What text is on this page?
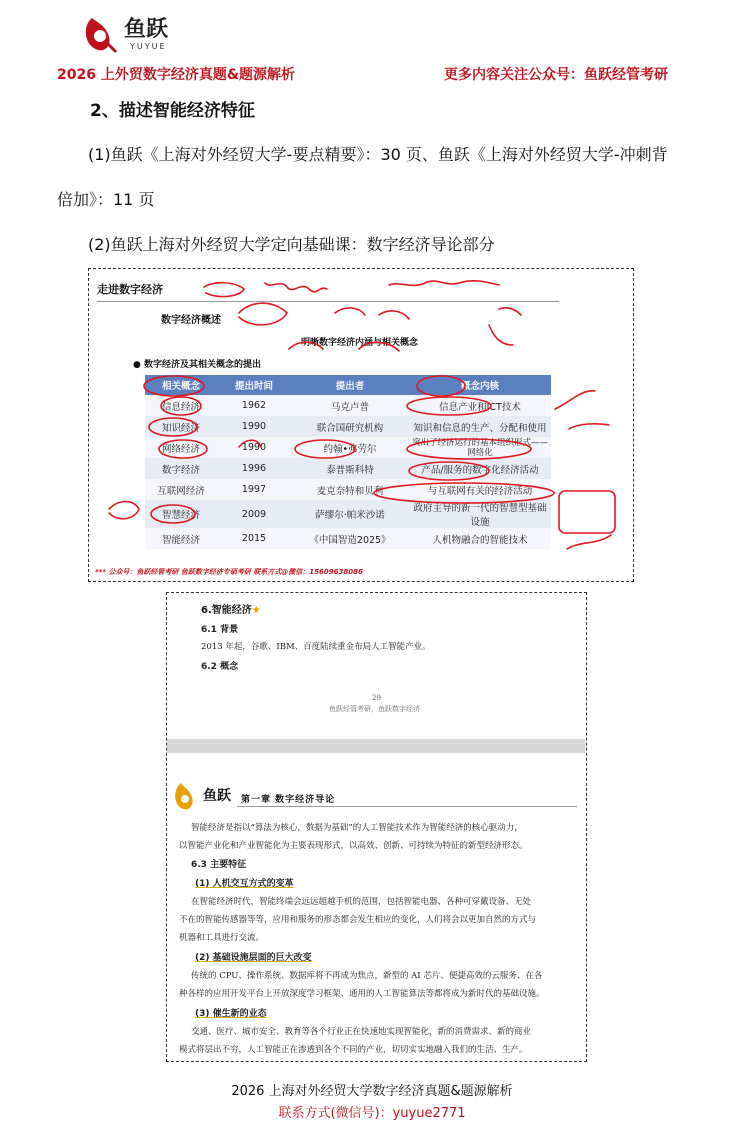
鱼跃
YUYUE
2026 上外贸数字经济真题&题源解析	更多内容关注公众号：鱼跃经管考研
2、描述智能经济特征
(1)鱼跃《上海对外经贸大学-要点精要》：30 页、鱼跃《上海对外经贸大学-冲刺背
倍加》：11 页
(2)鱼跃上海对外经贸大学定向基础课：数字经济导论部分
走进数字经济
数字经济概述
明晰数字经济内涵与相关概念
● 数字经济及其相关概念的提出
相关概念	提出时间	提出者	概念内核
信息经济	1962	马克卢普	信息产业和ICT技术
知识经济	1990	联合国研究机构	知识和信息的生产、分配和使用
网络经济	1990	约翰•弗劳尔	突出了经济运行的基本组织形式——网络化
数字经济	1996	泰普斯科特	产品/服务的数字化经济活动
互联网经济	1997	麦克奈特和贝利	与互联网有关的经济活动
智慧经济	2009	萨缪尔·帕米沙诺	政府主导的新一代的智慧型基础设施
智能经济	2015	《中国智造2025》	人机物融合的智能技术
*** 公众号：鱼跃经管考研 鱼跃数字经济专硕考研 联系方式@微信：15609638086
6.智能经济★
6.1 背景
2013 年起，谷歌、IBM、百度陆续重金布局人工智能产业。
6.2 概念
29
鱼跃经管考研，鱼跃数字经济
鱼跃 第一章 数字经济导论
智能经济是指以“算法为核心，数据为基础”的人工智能技术作为智能经济的核心驱动力，
以智能产业化和产业智能化为主要表现形式，以高效、创新、可持续为特征的新型经济形态。
6.3 主要特征
(1) 人机交互方式的变革
在智能经济时代，智能终端会远远超越手机的范围，包括智能电器、各种可穿戴设备、无处
不在的智能传感器等等，应用和服务的形态都会发生相应的变化，人们将会以更加自然的方式与
机器和工具进行交流。
(2) 基础设施层面的巨大改变
传统的 CPU、操作系统、数据库将不再成为焦点，新型的 AI 芯片、便捷高效的云服务、在各
种各样的应用开发平台上开放深度学习框架、通用的人工智能算法等都将成为新时代的基础设施。
(3) 催生新的业态
交通、医疗、城市安全、教育等各个行业正在快速地实现智能化，新的消费需求、新的商业
模式将层出不穷，人工智能正在渗透到各个不同的产业，切切实实地融入我们的生活、生产。
2026 上海对外经贸大学数字经济真题&题源解析
联系方式(微信号)：yuyue2771
